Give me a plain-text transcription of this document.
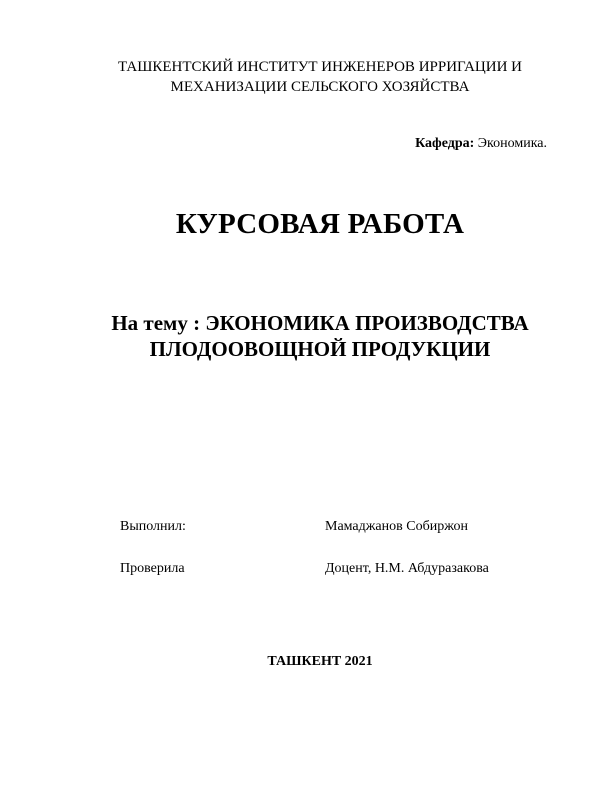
ТАШКЕНТСКИЙ ИНСТИТУТ ИНЖЕНЕРОВ ИРРИГАЦИИ И
МЕХАНИЗАЦИИ СЕЛЬСКОГО ХОЗЯЙСТВА
Кафедра: Экономика.
КУРСОВАЯ РАБОТА
На тему : ЭКОНОМИКА ПРОИЗВОДСТВА
ПЛОДООВОЩНОЙ ПРОДУКЦИИ
Выполнил:	Мамаджанов Собиржон
Проверила	Доцент, Н.М. Абдуразакова
ТАШКЕНТ 2021
